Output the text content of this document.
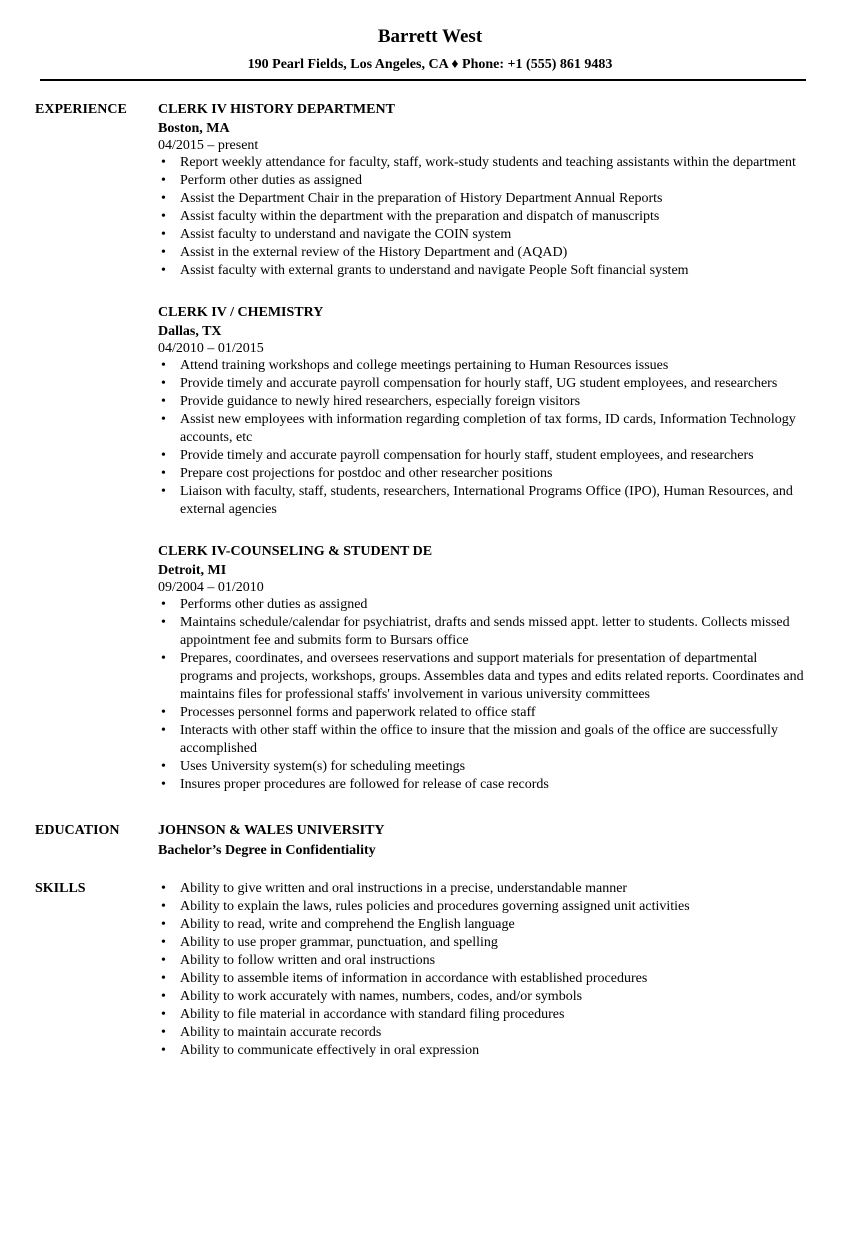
Barrett West
190 Pearl Fields, Los Angeles, CA ♦ Phone: +1 (555) 861 9483
EXPERIENCE	CLERK IV HISTORY DEPARTMENT
Boston, MA
04/2015 – present
• Report weekly attendance for faculty, staff, work-study students and teaching assistants within the department
• Perform other duties as assigned
• Assist the Department Chair in the preparation of History Department Annual Reports
• Assist faculty within the department with the preparation and dispatch of manuscripts
• Assist faculty to understand and navigate the COIN system
• Assist in the external review of the History Department and (AQAD)
• Assist faculty with external grants to understand and navigate People Soft financial system
CLERK IV / CHEMISTRY
Dallas, TX
04/2010 – 01/2015
• Attend training workshops and college meetings pertaining to Human Resources issues
• Provide timely and accurate payroll compensation for hourly staff, UG student employees, and researchers
• Provide guidance to newly hired researchers, especially foreign visitors
• Assist new employees with information regarding completion of tax forms, ID cards, Information Technology accounts, etc
• Provide timely and accurate payroll compensation for hourly staff, student employees, and researchers
• Prepare cost projections for postdoc and other researcher positions
• Liaison with faculty, staff, students, researchers, International Programs Office (IPO), Human Resources, and external agencies
CLERK IV-COUNSELING & STUDENT DE
Detroit, MI
09/2004 – 01/2010
• Performs other duties as assigned
• Maintains schedule/calendar for psychiatrist, drafts and sends missed appt. letter to students. Collects missed appointment fee and submits form to Bursars office
• Prepares, coordinates, and oversees reservations and support materials for presentation of departmental programs and projects, workshops, groups. Assembles data and types and edits related reports. Coordinates and maintains files for professional staffs' involvement in various university committees
• Processes personnel forms and paperwork related to office staff
• Interacts with other staff within the office to insure that the mission and goals of the office are successfully accomplished
• Uses University system(s) for scheduling meetings
• Insures proper procedures are followed for release of case records
EDUCATION	JOHNSON & WALES UNIVERSITY
Bachelor’s Degree in Confidentiality
SKILLS	• Ability to give written and oral instructions in a precise, understandable manner
• Ability to explain the laws, rules policies and procedures governing assigned unit activities
• Ability to read, write and comprehend the English language
• Ability to use proper grammar, punctuation, and spelling
• Ability to follow written and oral instructions
• Ability to assemble items of information in accordance with established procedures
• Ability to work accurately with names, numbers, codes, and/or symbols
• Ability to file material in accordance with standard filing procedures
• Ability to maintain accurate records
• Ability to communicate effectively in oral expression
